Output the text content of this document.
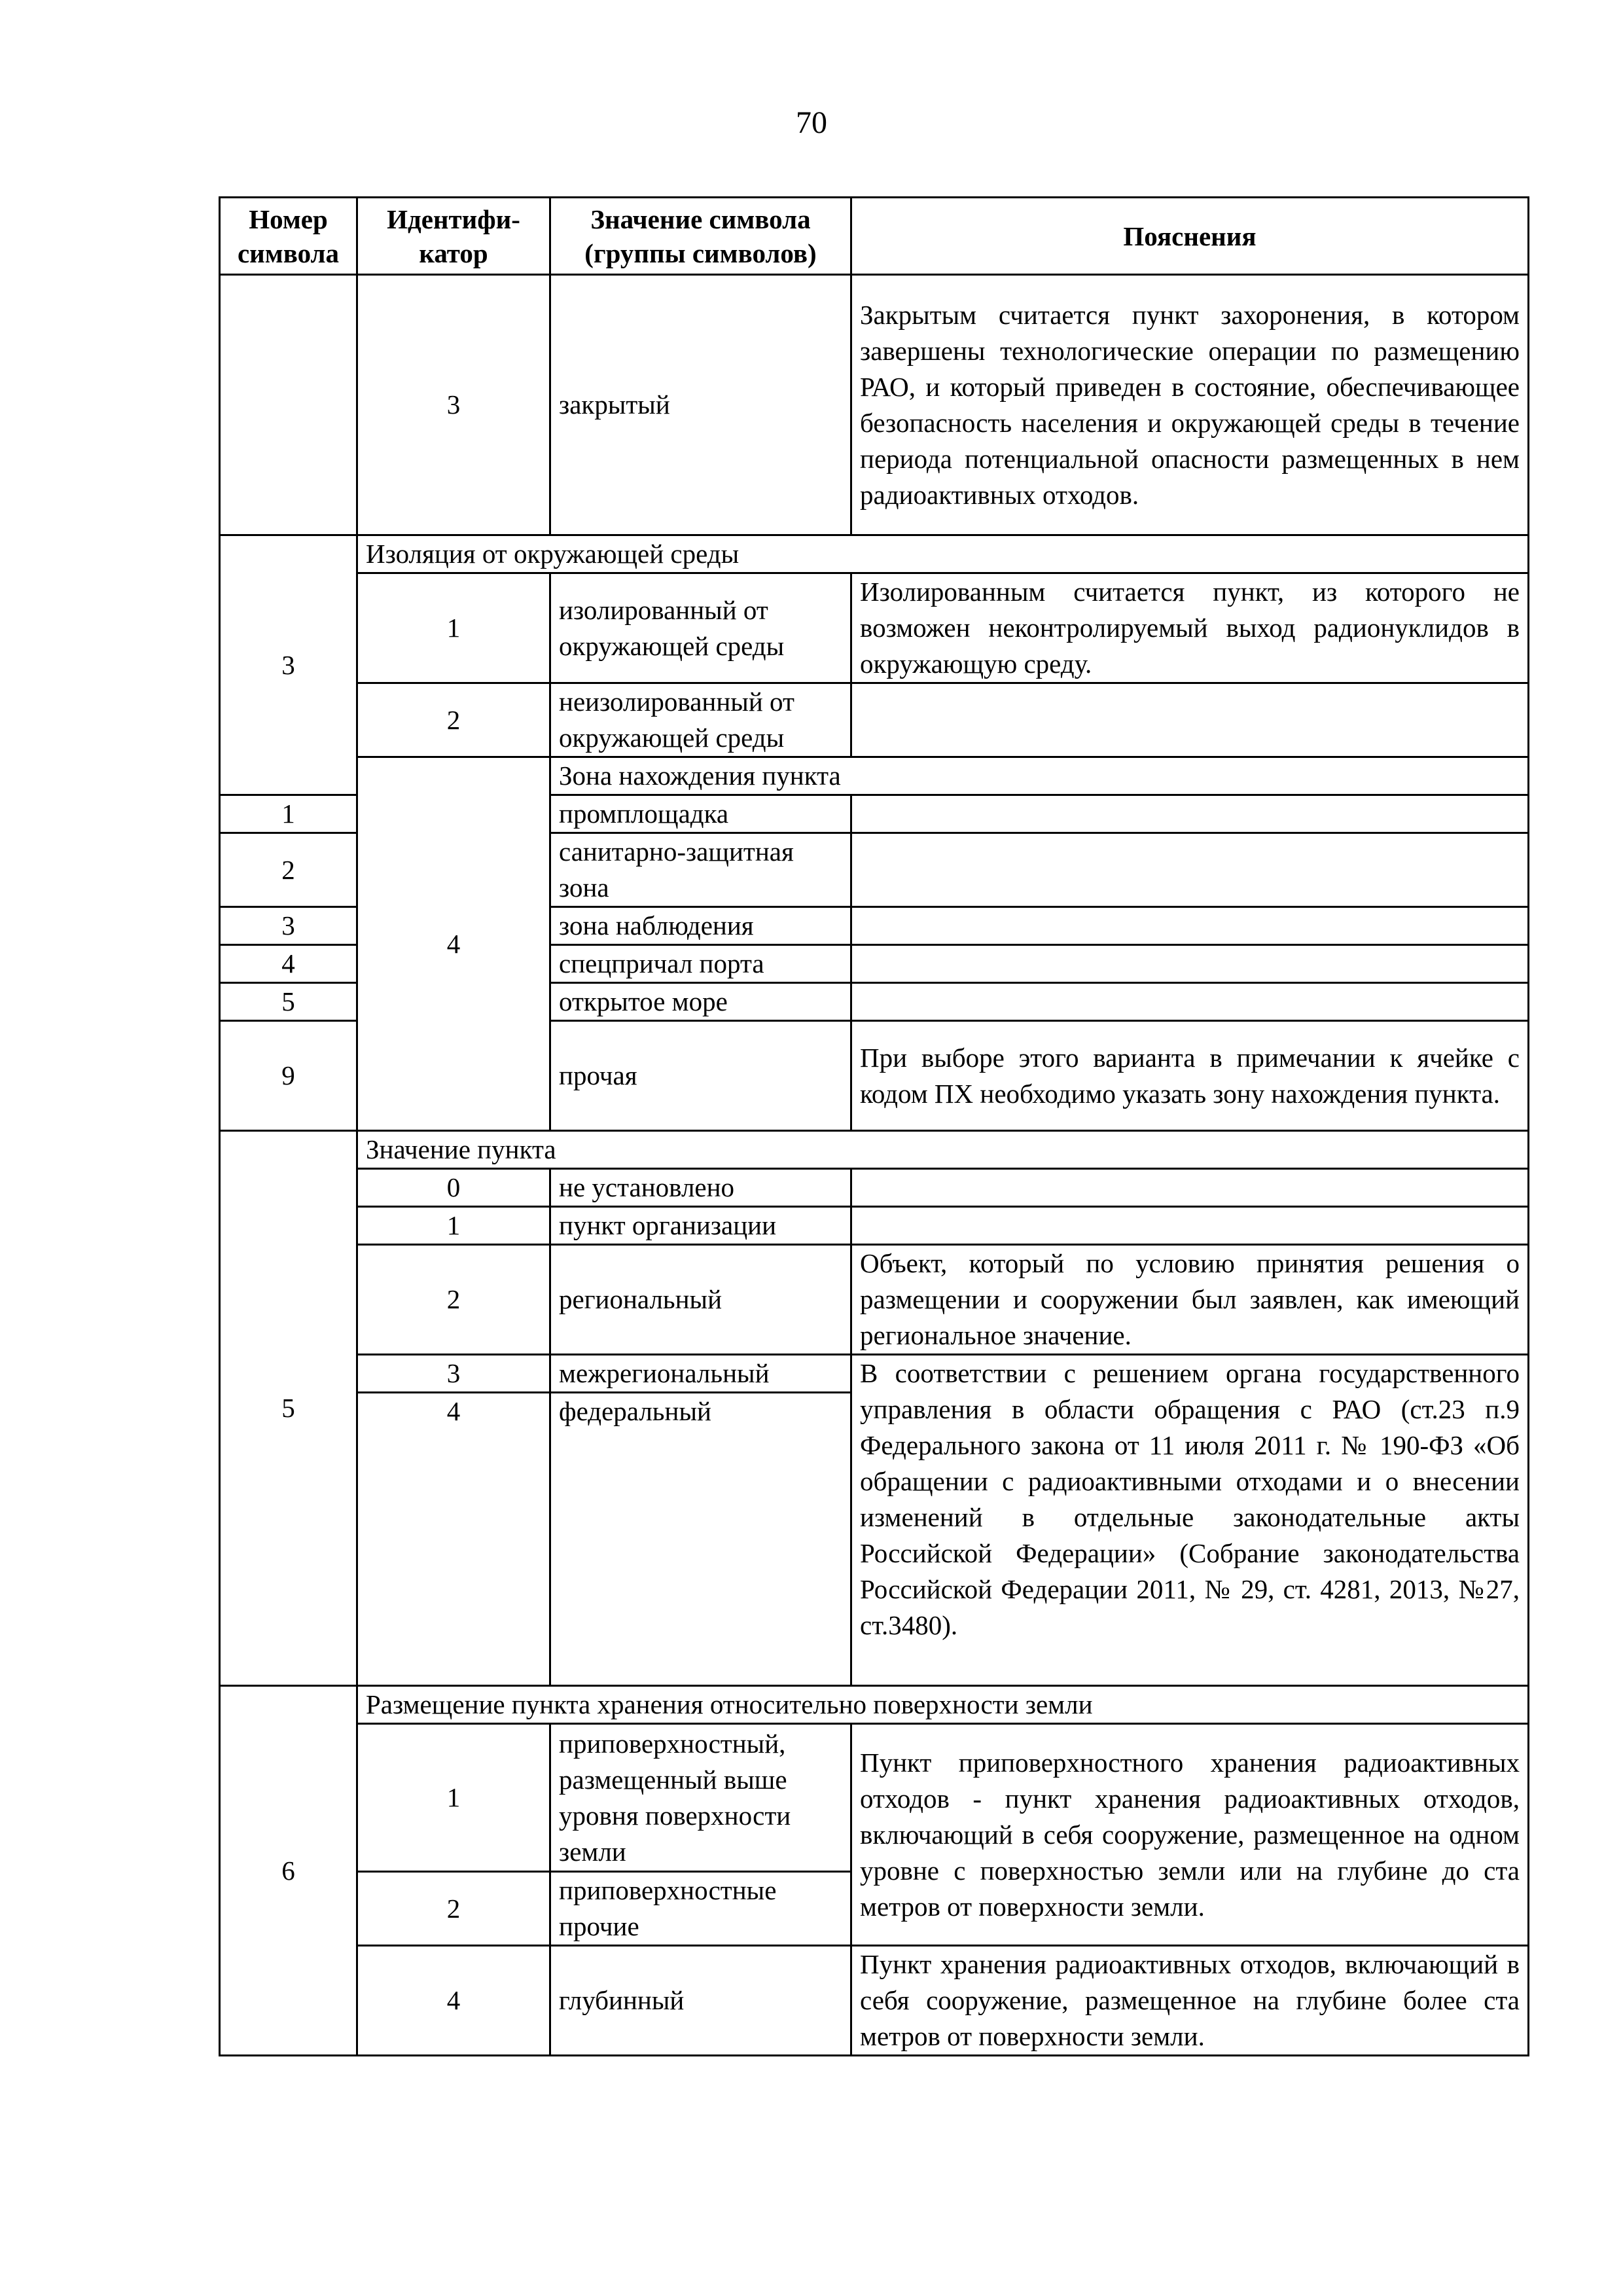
70
Номер символа	Идентифи-катор	Значение символа (группы символов)	Пояснения
	3	закрытый	Закрытым считается пункт захоронения, в котором завершены технологические операции по размещению РАО, и который приведен в состояние, обеспечивающее безопасность населения и окружающей среды в течение периода потенциальной опасности размещенных в нем радиоактивных отходов.
3	Изоляция от окружающей среды		
	1	изолированный от окружающей среды	Изолированным считается пункт, из которого не возможен неконтролируемый выход радионуклидов в окружающую среду.
	2	неизолированный от окружающей среды	
	4	Зона нахождения пункта	
1		промплощадка	
2		санитарно-защитная зона	
3		зона наблюдения	
4		спецпричал порта	
5		открытое море	
9		прочая	При выборе этого варианта в примечании к ячейке с кодом ПХ необходимо указать зону нахождения пункта.
5	Значение пункта		
	0	не установлено	
	1	пункт организации	
	2	региональный	Объект, который по условию принятия решения о размещении и сооружении был заявлен, как имеющий региональное значение.
	3	межрегиональный	В соответствии с решением органа государственного управления в области обращения с РАО (ст.23 п.9 Федерального закона от 11 июля 2011 г. № 190-ФЗ «Об обращении с радиоактивными отходами и о внесении изменений в отдельные законодательные акты Российской Федерации» (Собрание законодательства Российской Федерации 2011, № 29, ст. 4281, 2013, №27, ст.3480).
	4	федеральный	
6	Размещение пункта хранения относительно поверхности земли		
	1	приповерхностный, размещенный выше уровня поверхности земли	Пункт приповерхностного хранения радиоактивных отходов - пункт хранения радиоактивных отходов, включающий в себя сооружение, размещенное на одном уровне с поверхностью земли или на глубине до ста метров от поверхности земли.
	2	приповерхностные прочие	
	4	глубинный	Пункт хранения радиоактивных отходов, включающий в себя сооружение, размещенное на глубине более ста метров от поверхности земли.
